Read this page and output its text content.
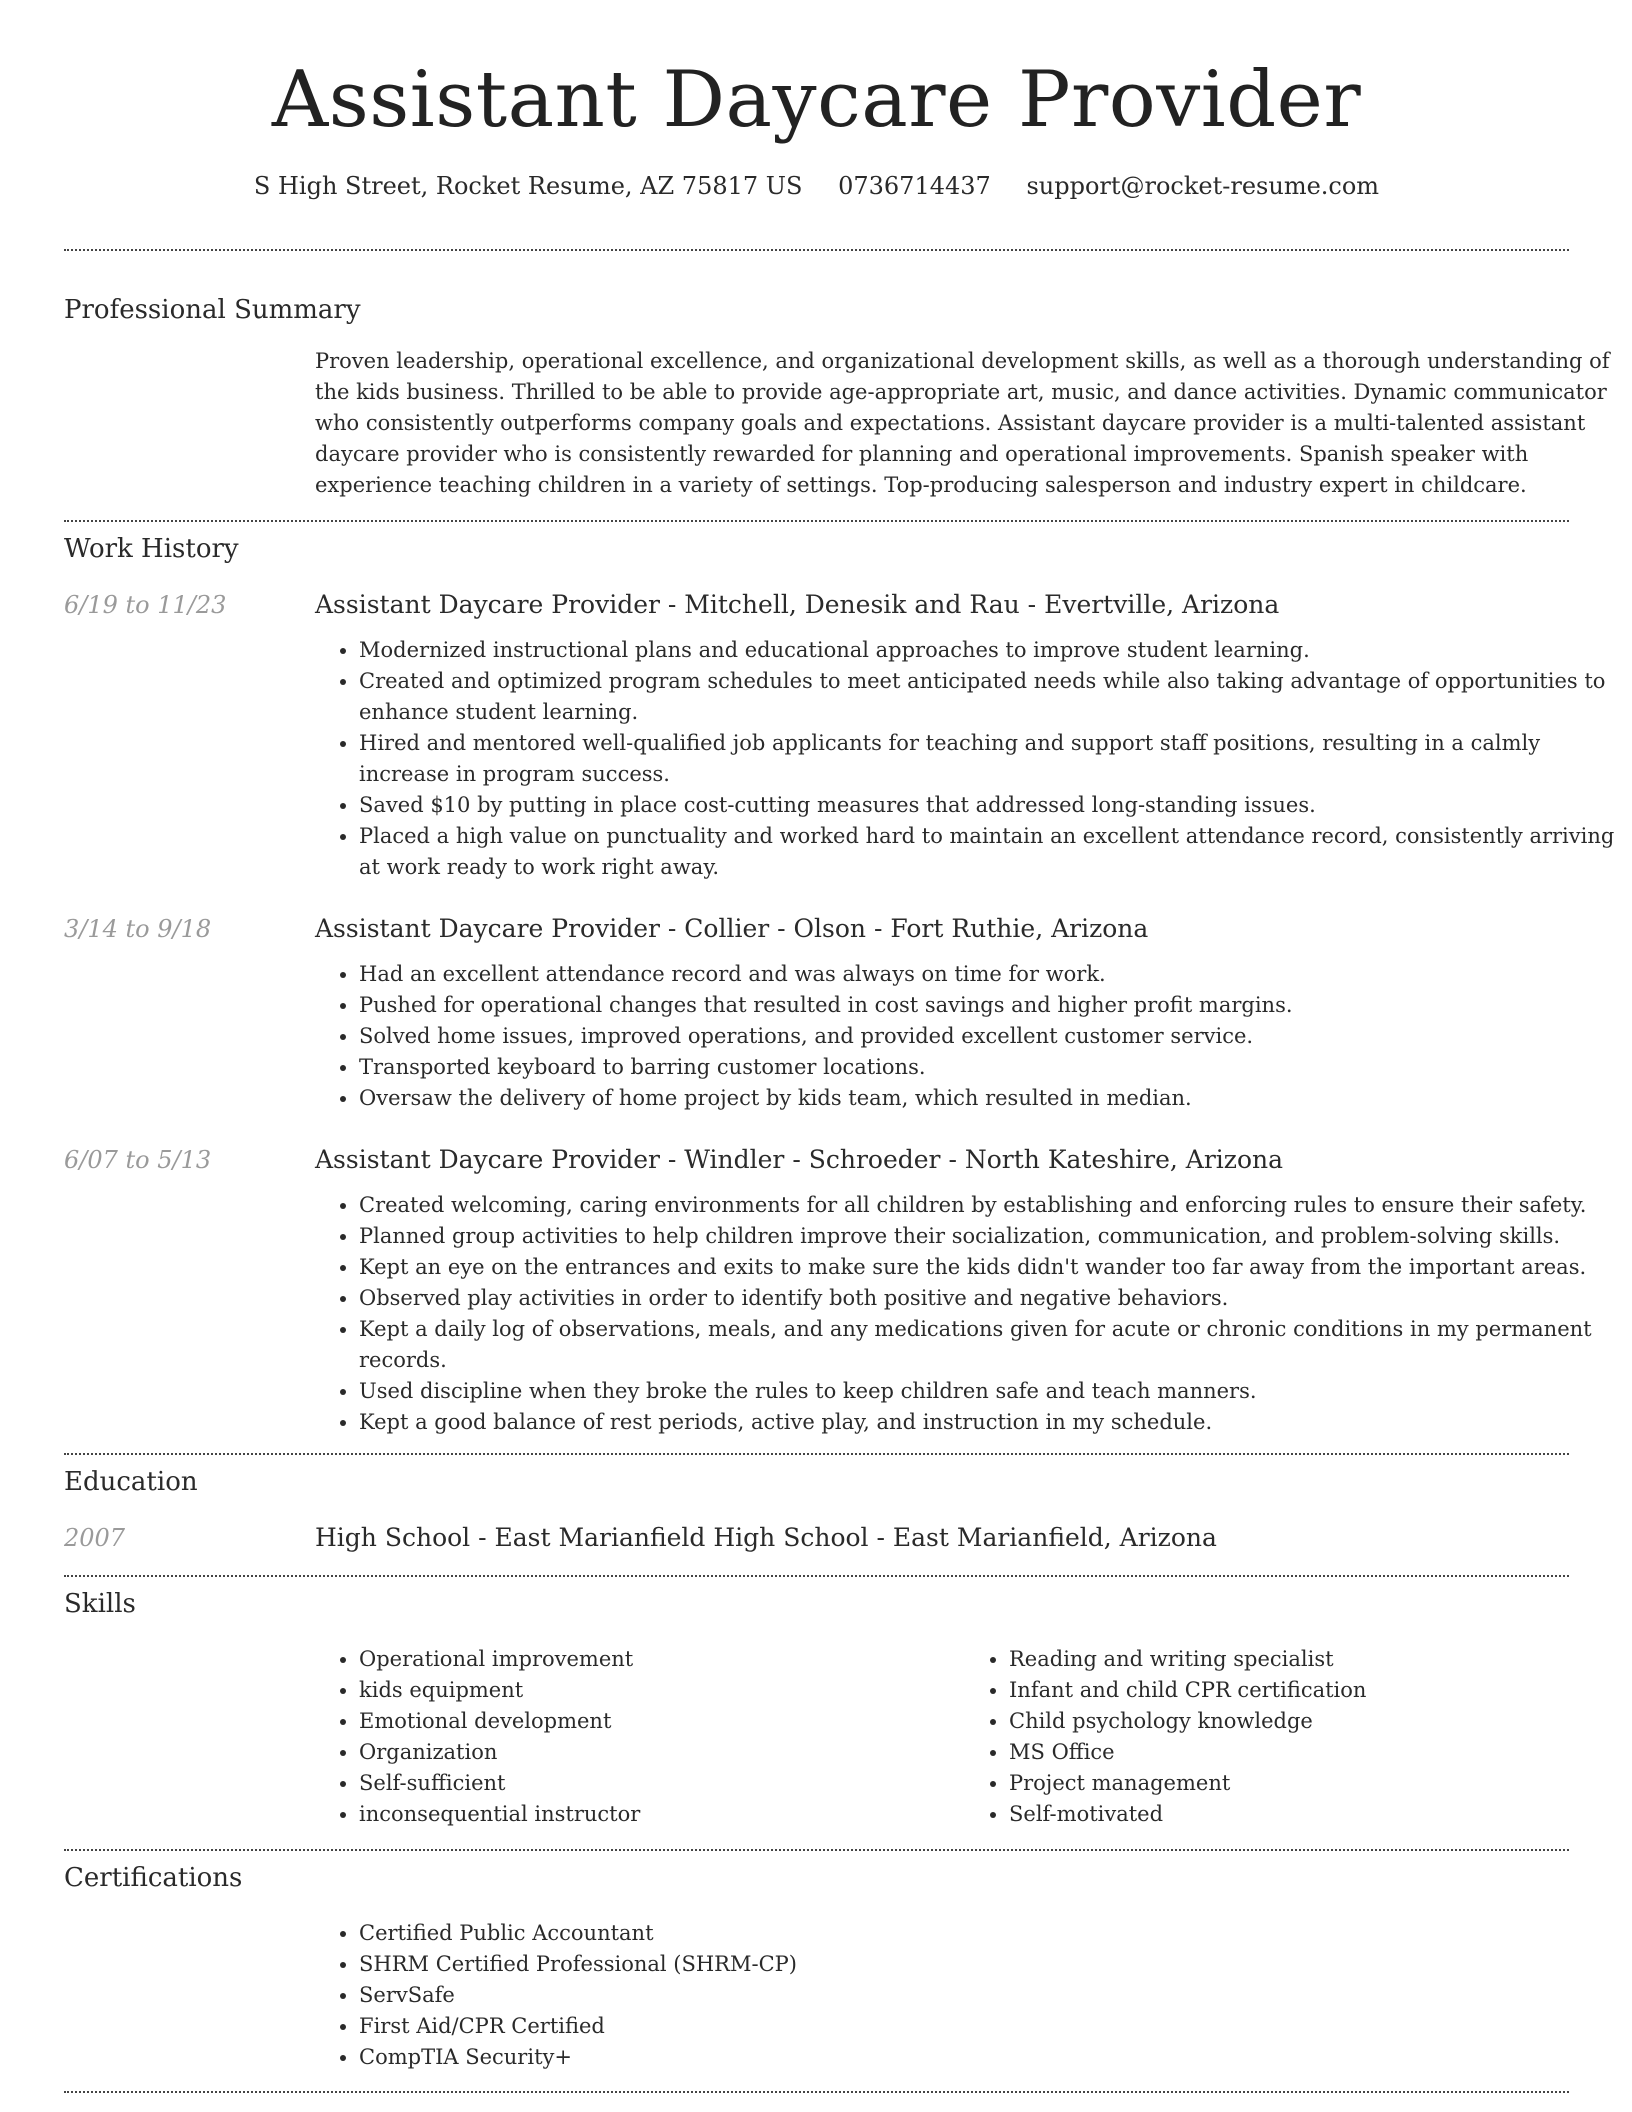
Assistant Daycare Provider
S High Street, Rocket Resume, AZ 75817 US 0736714437 support@rocket-resume.com
Professional Summary
Proven leadership, operational excellence, and organizational development skills, as well as a thorough understanding of the kids business. Thrilled to be able to provide age-appropriate art, music, and dance activities. Dynamic communicator who consistently outperforms company goals and expectations. Assistant daycare provider is a multi-talented assistant daycare provider who is consistently rewarded for planning and operational improvements. Spanish speaker with experience teaching children in a variety of settings. Top-producing salesperson and industry expert in childcare.
Work History
6/19 to 11/23	Assistant Daycare Provider - Mitchell, Denesik and Rau - Evertville, Arizona
• Modernized instructional plans and educational approaches to improve student learning.
• Created and optimized program schedules to meet anticipated needs while also taking advantage of opportunities to enhance student learning.
• Hired and mentored well-qualified job applicants for teaching and support staff positions, resulting in a calmly increase in program success.
• Saved $10 by putting in place cost-cutting measures that addressed long-standing issues.
• Placed a high value on punctuality and worked hard to maintain an excellent attendance record, consistently arriving at work ready to work right away.
3/14 to 9/18	Assistant Daycare Provider - Collier - Olson - Fort Ruthie, Arizona
• Had an excellent attendance record and was always on time for work.
• Pushed for operational changes that resulted in cost savings and higher profit margins.
• Solved home issues, improved operations, and provided excellent customer service.
• Transported keyboard to barring customer locations.
• Oversaw the delivery of home project by kids team, which resulted in median.
6/07 to 5/13	Assistant Daycare Provider - Windler - Schroeder - North Kateshire, Arizona
• Created welcoming, caring environments for all children by establishing and enforcing rules to ensure their safety.
• Planned group activities to help children improve their socialization, communication, and problem-solving skills.
• Kept an eye on the entrances and exits to make sure the kids didn't wander too far away from the important areas.
• Observed play activities in order to identify both positive and negative behaviors.
• Kept a daily log of observations, meals, and any medications given for acute or chronic conditions in my permanent records.
• Used discipline when they broke the rules to keep children safe and teach manners.
• Kept a good balance of rest periods, active play, and instruction in my schedule.
Education
2007	High School - East Marianfield High School - East Marianfield, Arizona
Skills
• Operational improvement
• kids equipment
• Emotional development
• Organization
• Self-sufficient
• inconsequential instructor
• Reading and writing specialist
• Infant and child CPR certification
• Child psychology knowledge
• MS Office
• Project management
• Self-motivated
Certifications
• Certified Public Accountant
• SHRM Certified Professional (SHRM-CP)
• ServSafe
• First Aid/CPR Certified
• CompTIA Security+
